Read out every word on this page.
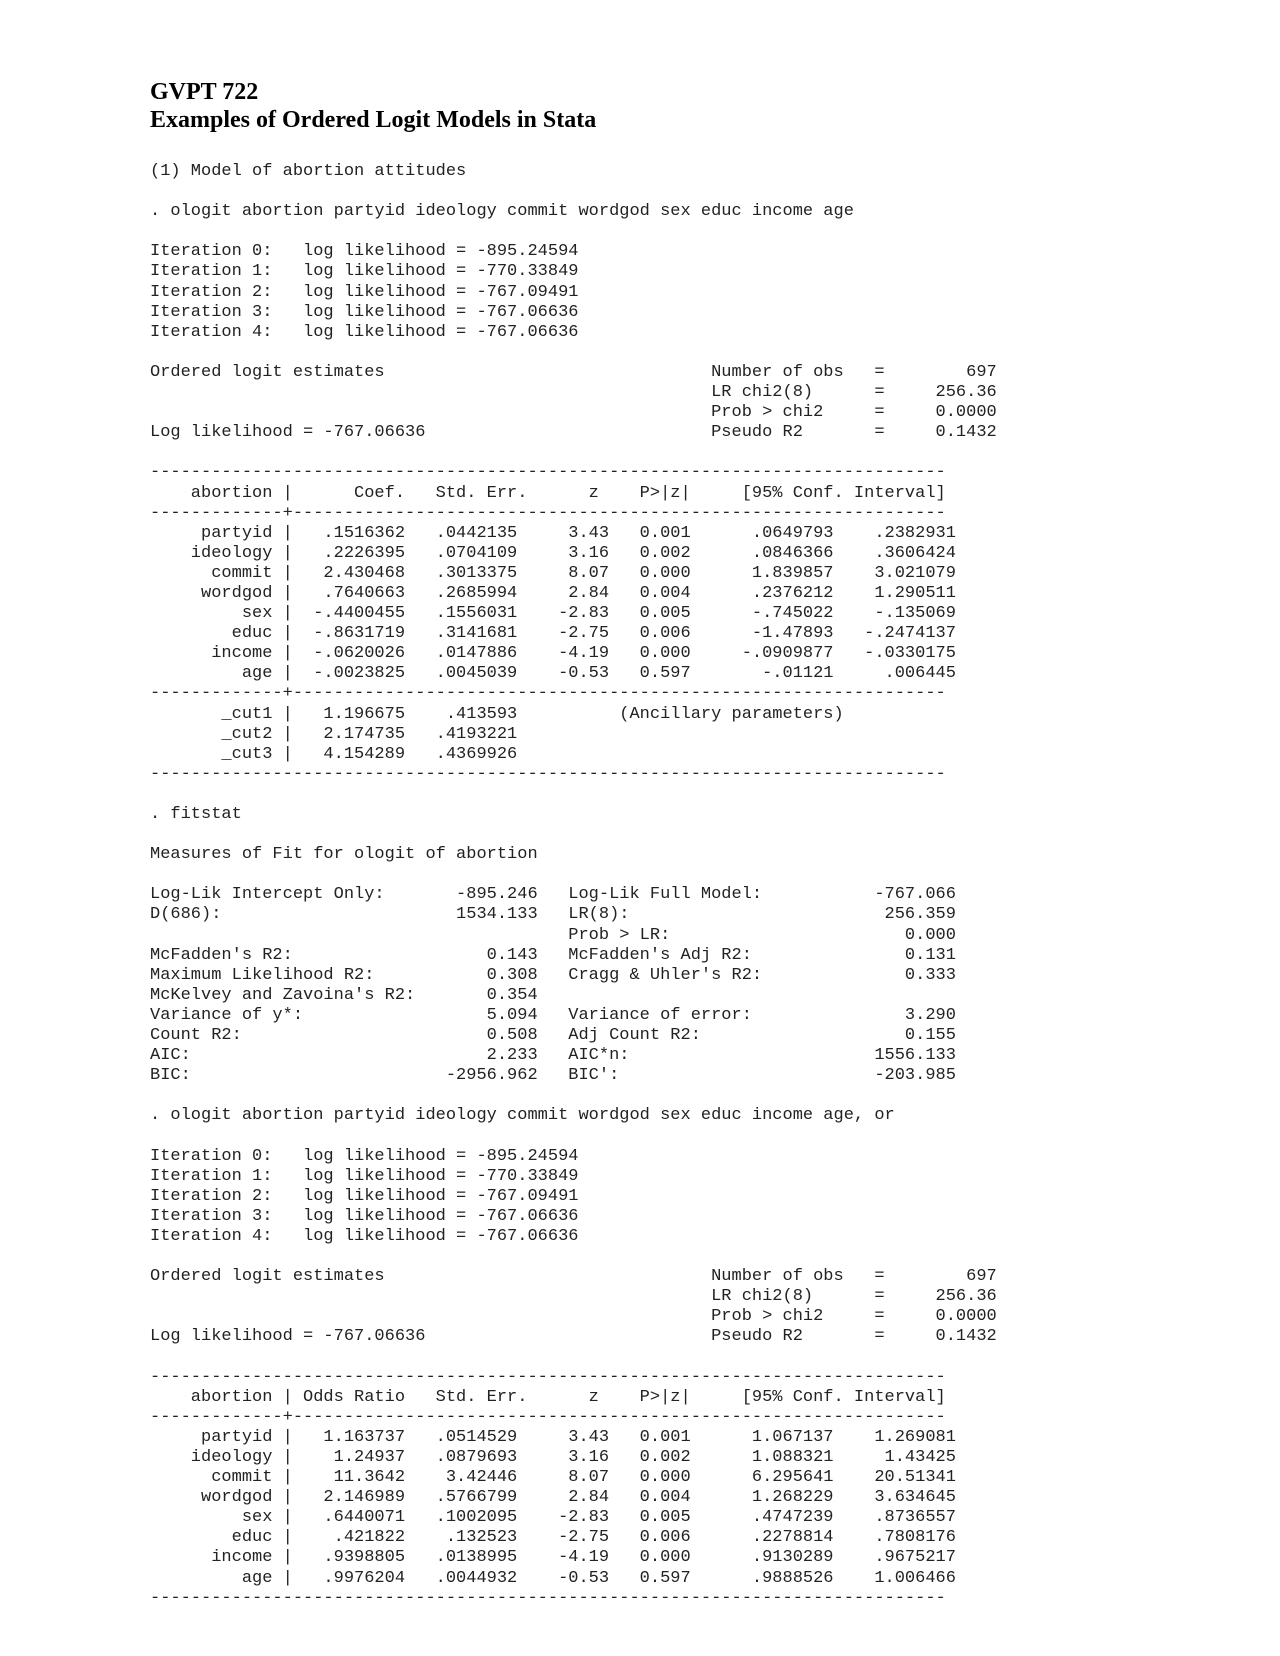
GVPT 722
Examples of Ordered Logit Models in Stata
(1) Model of abortion attitudes

. ologit abortion partyid ideology commit wordgod sex educ income age

Iteration 0:   log likelihood = -895.24594
Iteration 1:   log likelihood = -770.33849
Iteration 2:   log likelihood = -767.09491
Iteration 3:   log likelihood = -767.06636
Iteration 4:   log likelihood = -767.06636

Ordered logit estimates                                Number of obs   =        697
LR chi2(8)      =     256.36
Prob > chi2     =     0.0000
Log likelihood = -767.06636                            Pseudo R2       =     0.1432

------------------------------------------------------------------------------
abortion |      Coef.   Std. Err.      z    P>|z|     [95% Conf. Interval]
-------------+----------------------------------------------------------------
partyid |   .1516362   .0442135     3.43   0.001      .0649793    .2382931
ideology |   .2226395   .0704109     3.16   0.002      .0846366    .3606424
commit |   2.430468   .3013375     8.07   0.000      1.839857    3.021079
wordgod |   .7640663   .2685994     2.84   0.004      .2376212    1.290511
sex |  -.4400455   .1556031    -2.83   0.005      -.745022    -.135069
educ |  -.8631719   .3141681    -2.75   0.006      -1.47893   -.2474137
income |  -.0620026   .0147886    -4.19   0.000     -.0909877   -.0330175
age |  -.0023825   .0045039    -0.53   0.597       -.01121     .006445
-------------+----------------------------------------------------------------
_cut1 |   1.196675    .413593          (Ancillary parameters)
_cut2 |   2.174735   .4193221
_cut3 |   4.154289   .4369926
------------------------------------------------------------------------------

. fitstat

Measures of Fit for ologit of abortion

Log-Lik Intercept Only:       -895.246   Log-Lik Full Model:           -767.066
D(686):                       1534.133   LR(8):                         256.359
Prob > LR:                       0.000
McFadden's R2:                   0.143   McFadden's Adj R2:               0.131
Maximum Likelihood R2:           0.308   Cragg & Uhler's R2:              0.333
McKelvey and Zavoina's R2:       0.354
Variance of y*:                  5.094   Variance of error:               3.290
Count R2:                        0.508   Adj Count R2:                    0.155
AIC:                             2.233   AIC*n:                        1556.133
BIC:                         -2956.962   BIC':                         -203.985

. ologit abortion partyid ideology commit wordgod sex educ income age, or

Iteration 0:   log likelihood = -895.24594
Iteration 1:   log likelihood = -770.33849
Iteration 2:   log likelihood = -767.09491
Iteration 3:   log likelihood = -767.06636
Iteration 4:   log likelihood = -767.06636

Ordered logit estimates                                Number of obs   =        697
LR chi2(8)      =     256.36
Prob > chi2     =     0.0000
Log likelihood = -767.06636                            Pseudo R2       =     0.1432

------------------------------------------------------------------------------
abortion | Odds Ratio   Std. Err.      z    P>|z|     [95% Conf. Interval]
-------------+----------------------------------------------------------------
partyid |   1.163737   .0514529     3.43   0.001      1.067137    1.269081
ideology |    1.24937   .0879693     3.16   0.002      1.088321     1.43425
commit |    11.3642    3.42446     8.07   0.000      6.295641    20.51341
wordgod |   2.146989   .5766799     2.84   0.004      1.268229    3.634645
sex |   .6440071   .1002095    -2.83   0.005      .4747239    .8736557
educ |    .421822    .132523    -2.75   0.006      .2278814    .7808176
income |   .9398805   .0138995    -4.19   0.000      .9130289    .9675217
age |   .9976204   .0044932    -0.53   0.597      .9888526    1.006466
------------------------------------------------------------------------------
